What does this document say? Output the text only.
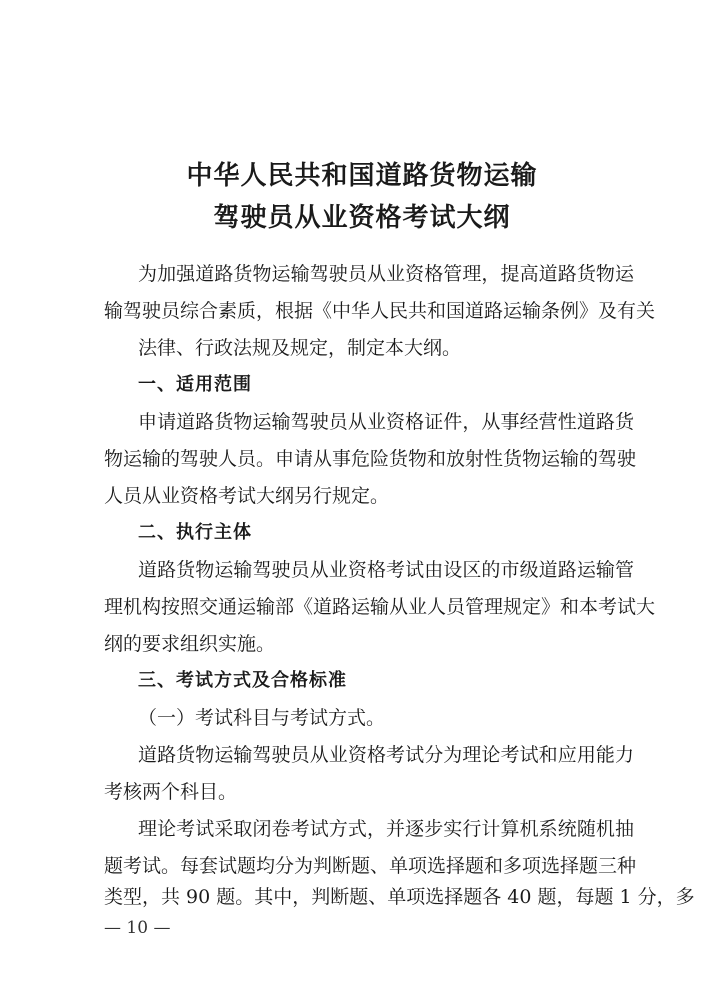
中华人民共和国道路货物运输
驾驶员从业资格考试大纲
为加强道路货物运输驾驶员从业资格管理，提高道路货物运
输驾驶员综合素质，根据《中华人民共和国道路运输条例》及有关
法律、行政法规及规定，制定本大纲。
一、适用范围
申请道路货物运输驾驶员从业资格证件，从事经营性道路货
物运输的驾驶人员。申请从事危险货物和放射性货物运输的驾驶
人员从业资格考试大纲另行规定。
二、执行主体
道路货物运输驾驶员从业资格考试由设区的市级道路运输管
理机构按照交通运输部《道路运输从业人员管理规定》和本考试大
纲的要求组织实施。
三、考试方式及合格标准
（一）考试科目与考试方式。
道路货物运输驾驶员从业资格考试分为理论考试和应用能力
考核两个科目。
理论考试采取闭卷考试方式，并逐步实行计算机系统随机抽
题考试。每套试题均分为判断题、单项选择题和多项选择题三种
类型，共 90 题。其中，判断题、单项选择题各 40 题，每题 1 分，多
— 10 —
